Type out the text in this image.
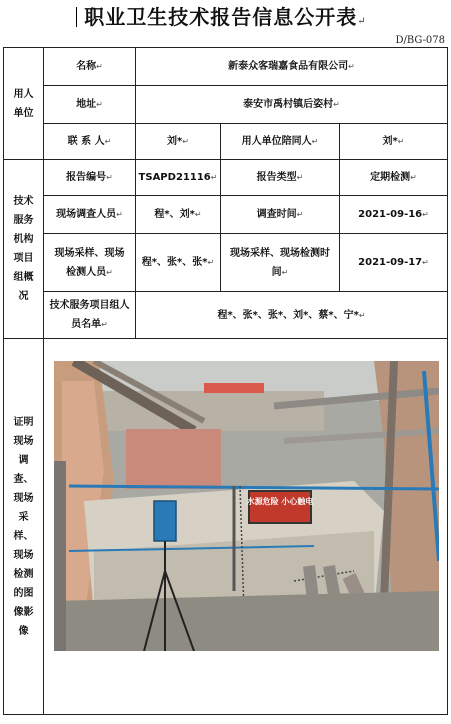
职业卫生技术报告信息公开表↵
D/BG-078
用人单位	名称↵	新泰众客瑞嘉食品有限公司↵		
	地址↵	泰安市禹村镇后姿村↵		
	联 系 人↵	刘*↵	用人单位陪同人↵	刘*↵
技术服务机构项目组概况	报告编号↵	TSAPD21116↵	报告类型↵	定期检测↵
	现场调查人员↵	程*、刘*↵	调查时间↵	2021-09-16↵
	现场采样、现场检测人员↵	程*、张*、张*↵	现场采样、现场检测时间↵	2021-09-17↵
	技术服务项目组人员名单↵	程*、张*、张*、刘*、蔡*、宁*↵		
证明现场调查、现场采样、现场检测的图像影像	水源危险 小心触电			
